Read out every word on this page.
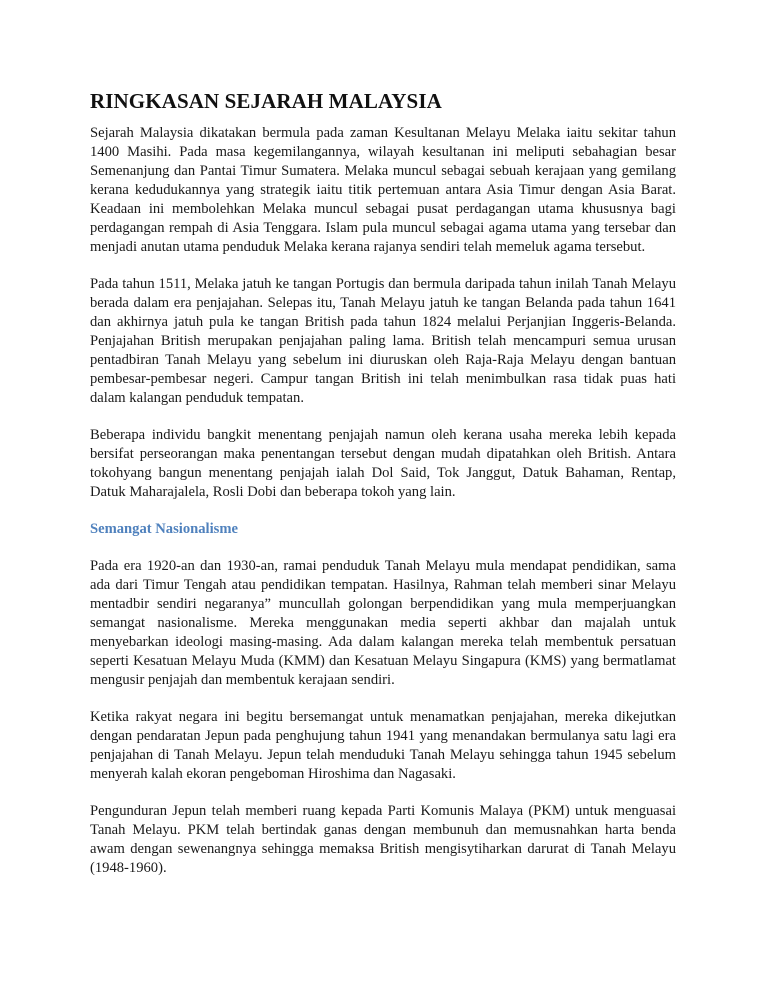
RINGKASAN SEJARAH MALAYSIA

Sejarah Malaysia dikatakan bermula pada zaman Kesultanan Melayu Melaka iaitu sekitar tahun 1400 Masihi. Pada masa kegemilangannya, wilayah kesultanan ini meliputi sebahagian besar Semenanjung dan Pantai Timur Sumatera. Melaka muncul sebagai sebuah kerajaan yang gemilang kerana kedudukannya yang strategik iaitu titik pertemuan antara Asia Timur dengan Asia Barat. Keadaan ini membolehkan Melaka muncul sebagai pusat perdagangan utama khususnya bagi perdagangan rempah di Asia Tenggara. Islam pula muncul sebagai agama utama yang tersebar dan menjadi anutan utama penduduk Melaka kerana rajanya sendiri telah memeluk agama tersebut.

Pada tahun 1511, Melaka jatuh ke tangan Portugis dan bermula daripada tahun inilah Tanah Melayu berada dalam era penjajahan. Selepas itu, Tanah Melayu jatuh ke tangan Belanda pada tahun 1641 dan akhirnya jatuh pula ke tangan British pada tahun 1824 melalui Perjanjian Inggeris-Belanda. Penjajahan British merupakan penjajahan paling lama. British telah mencampuri semua urusan pentadbiran Tanah Melayu yang sebelum ini diuruskan oleh Raja-Raja Melayu dengan bantuan pembesar-pembesar negeri. Campur tangan British ini telah menimbulkan rasa tidak puas hati dalam kalangan penduduk tempatan.

Beberapa individu bangkit menentang penjajah namun oleh kerana usaha mereka lebih kepada bersifat perseorangan maka penentangan tersebut dengan mudah dipatahkan oleh British. Antara tokohyang bangun menentang penjajah ialah Dol Said, Tok Janggut, Datuk Bahaman, Rentap, Datuk Maharajalela, Rosli Dobi dan beberapa tokoh yang lain.

Semangat Nasionalisme

Pada era 1920-an dan 1930-an, ramai penduduk Tanah Melayu mula mendapat pendidikan, sama ada dari Timur Tengah atau pendidikan tempatan. Hasilnya, Rahman telah memberi sinar Melayu mentadbir sendiri negaranya” muncullah golongan berpendidikan yang mula memperjuangkan semangat nasionalisme. Mereka menggunakan media seperti akhbar dan majalah untuk menyebarkan ideologi masing-masing. Ada dalam kalangan mereka telah membentuk persatuan seperti Kesatuan Melayu Muda (KMM) dan Kesatuan Melayu Singapura (KMS) yang bermatlamat mengusir penjajah dan membentuk kerajaan sendiri.

Ketika rakyat negara ini begitu bersemangat untuk menamatkan penjajahan, mereka dikejutkan dengan pendaratan Jepun pada penghujung tahun 1941 yang menandakan bermulanya satu lagi era penjajahan di Tanah Melayu. Jepun telah menduduki Tanah Melayu sehingga tahun 1945 sebelum menyerah kalah ekoran pengeboman Hiroshima dan Nagasaki.

Pengunduran Jepun telah memberi ruang kepada Parti Komunis Malaya (PKM) untuk menguasai Tanah Melayu. PKM telah bertindak ganas dengan membunuh dan memusnahkan harta benda awam dengan sewenangnya sehingga memaksa British mengisytiharkan darurat di Tanah Melayu (1948-1960).
